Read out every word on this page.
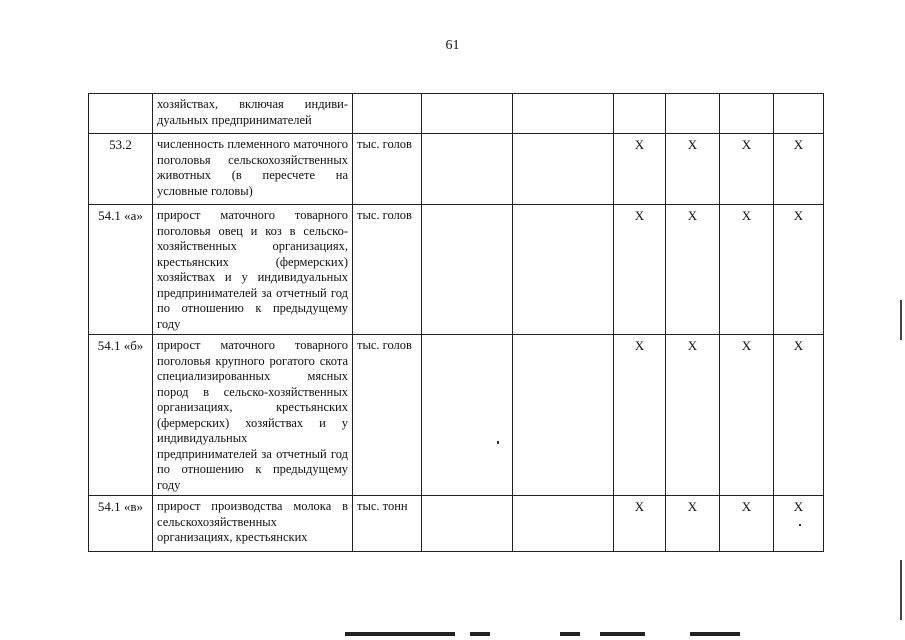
61
	хозяйствах, включая индиви-дуальных предпринимателей							
53.2	численность племенного маточного поголовья сельскохозяйственных животных (в пересчете на условные головы)	тыс. голов			X	X	X	X
54.1 «а»	прирост маточного товарного поголовья овец и коз в сельско-хозяйственных организациях, крестьянских (фермерских) хозяйствах и у индивидуальных предпринимателей за отчетный год по отношению к предыдущему году	тыс. голов			X	X	X	X
54.1 «б»	прирост маточного товарного поголовья крупного рогатого скота специализированных мясных пород в сельско-хозяйственных организациях, крестьянских (фермерских) хозяйствах и у индивидуальных предпринимателей за отчетный год по отношению к предыдущему году	тыс. голов			X	X	X	X
54.1 «в»	прирост производства молока в сельскохозяйственных организациях, крестьянских	тыс. тонн			X	X	X	X
